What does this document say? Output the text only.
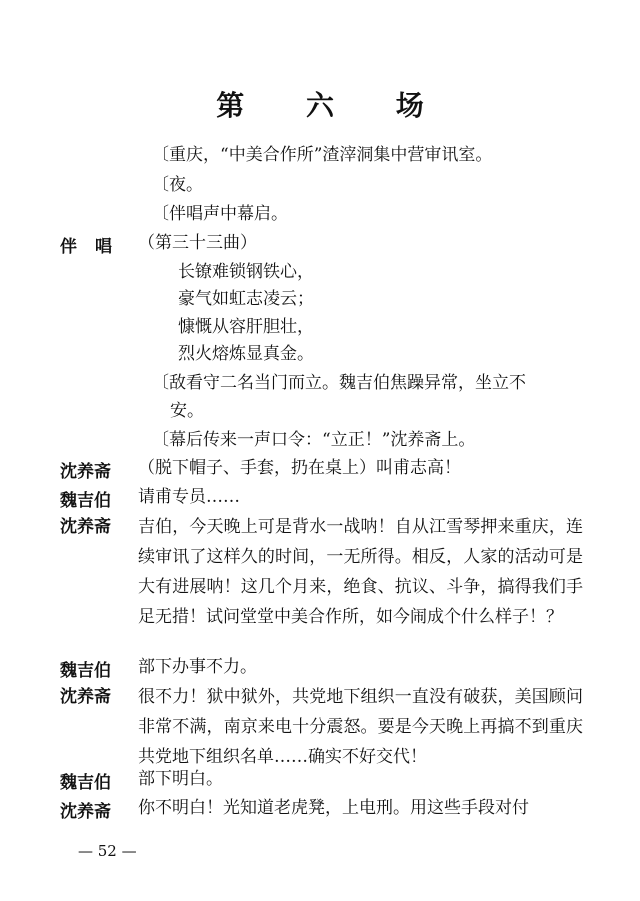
第 六 场
〔重庆，“中美合作所”渣滓洞集中营审讯室。
〔夜。
〔伴唱声中幕启。
伴唱 （第三十三曲）
长镣难锁钢铁心，
豪气如虹志凌云；
慷慨从容肝胆壮，
烈火熔炼显真金。
〔敌看守二名当门而立。魏吉伯焦躁异常，坐立不
安。
〔幕后传来一声口令：“立正！”沈养斋上。
沈养斋	（脱下帽子、手套，扔在桌上）叫甫志高！
魏吉伯	请甫专员……
沈养斋	吉伯，今天晚上可是背水一战呐！自从江雪琴押来重庆，连续审讯了这样久的时间，一无所得。相反，人家的活动可是大有进展呐！这几个月来，绝食、抗议、斗争，搞得我们手足无措！试问堂堂中美合作所，如今闹成个什么样子！？
魏吉伯	部下办事不力。
沈养斋	很不力！狱中狱外，共党地下组织一直没有破获，美国顾问非常不满，南京来电十分震怒。要是今天晚上再搞不到重庆共党地下组织名单……确实不好交代！
魏吉伯	部下明白。
沈养斋	你不明白！光知道老虎凳，上电刑。用这些手段对付
— 52 —
